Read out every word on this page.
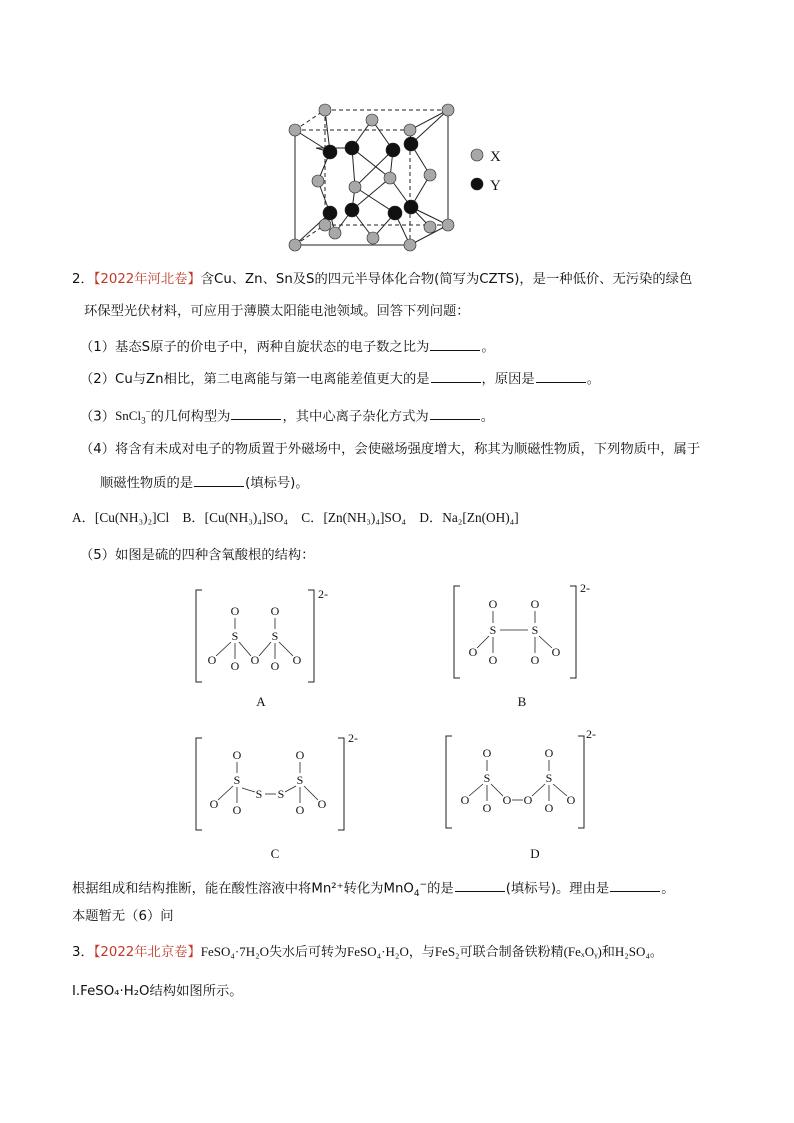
X
Y
2．【2022年河北卷】含Cu、Zn、Sn及S的四元半导体化合物(简写为CZTS)，是一种低价、无污染的绿色
环保型光伏材料，可应用于薄膜太阳能电池领域。回答下列问题：
（1）基态S原子的价电子中，两种自旋状态的电子数之比为	。
（2）Cu与Zn相比，第二电离能与第一电离能差值更大的是	，原因是	。
（3）SnCl$_3$−的几何构型为	，其中心离子杂化方式为	。
（4）将含有未成对电子的物质置于外磁场中，会使磁场强度增大，称其为顺磁性物质，下列物质中，属于
顺磁性物质的是	(填标号)。
A．[Cu(NH₃)₂]Cl B．[Cu(NH₃)₄]SO₄ C．[Zn(NH₃)₄]SO₄ D．Na₂[Zn(OH)₄]
（5）如图是硫的四种含氧酸根的结构：
O
S
O O O
S
O
O O
O
S
O
S
O
O	O
O
O
S
O O
S S
S
O
O O
O
S
O
O
O O
S
O
O
O
2-	2-
2-	2-
A	B
C	D
根据组成和结构推断，能在酸性溶液中将Mn²⁺转化为MnO$_4$−的是	(填标号)。理由是	。
本题暂无（6）问
3．【2022年北京卷】FeSO₄·7H₂O失水后可转为FeSO₄·H₂O，与FeS₂可联合制备铁粉精(FeₓOᵧ)和H₂SO₄。
I.FeSO₄·H₂O结构如图所示。
